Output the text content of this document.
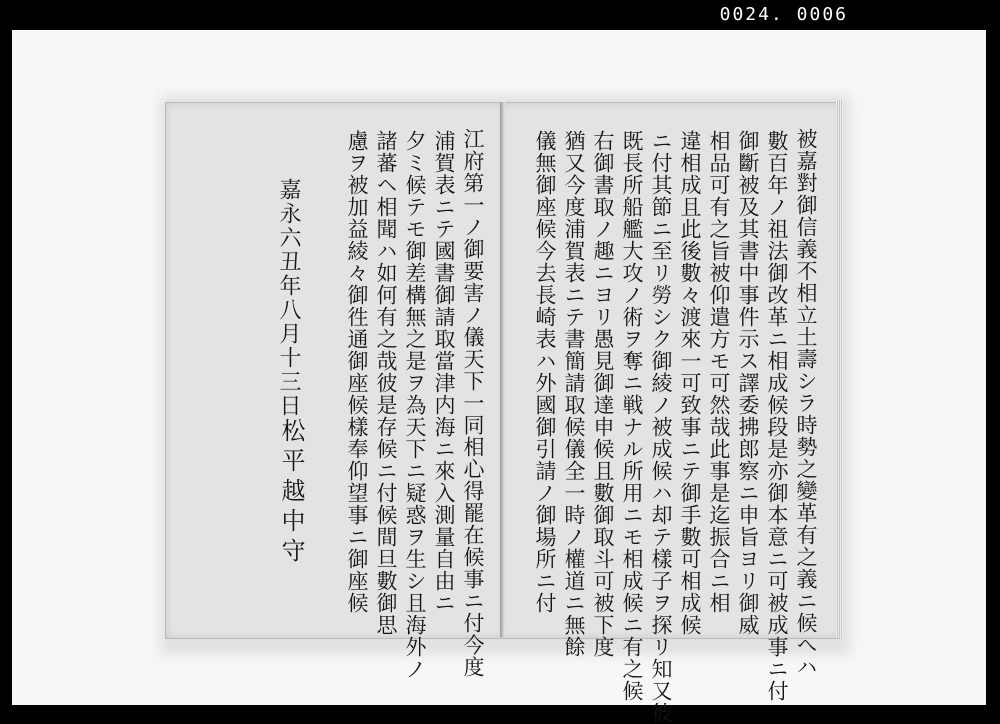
0024. 0006
被嘉對御信義不相立土壽シラ時勢之變革有之義ニ候へハ
數百年ノ祖法御改革ニ相成候段是亦御本意ニ可被成事ニ付
御斷被及其書中事件示ス譯委拂郎察ニ申旨ヨリ御威
相品可有之旨被仰遣方モ可然哉此事是迄振合ニ相
違相成且此後數々渡來一可致事ニテ御手數可相成候
ニ付其節ニ至リ勞シク御綾ノ被成候ハ却テ樣子ヲ探リ知又彼
既長所船艦大攻ノ術ヲ奪ニ戦ナル所用ニモ相成候ニ有之候
右御書取ノ趣ニヨリ愚見御達申候且數御取斗可被下度
猶又今度浦賀表ニテ書簡請取候儀全一時ノ權道ニ無餘
儀無御座候今去長崎表ハ外國御引請ノ御場所ニ付
江府第一ノ御要害ノ儀天下一同相心得罷在候事ニ付今度
浦賀表ニテ國書御請取當津内海ニ來入測量自由ニ
夕ミ候テモ御差構無之是ヲ為天下ニ疑惑ヲ生シ且海外ノ
諸蕃ヘ相聞ハ如何有之哉彼是存候ニ付候間旦數御思
慮ヲ被加益綾々御徃通御座候樣奉仰望事ニ御座候
嘉永六丑年八月十三日
松平越中守
